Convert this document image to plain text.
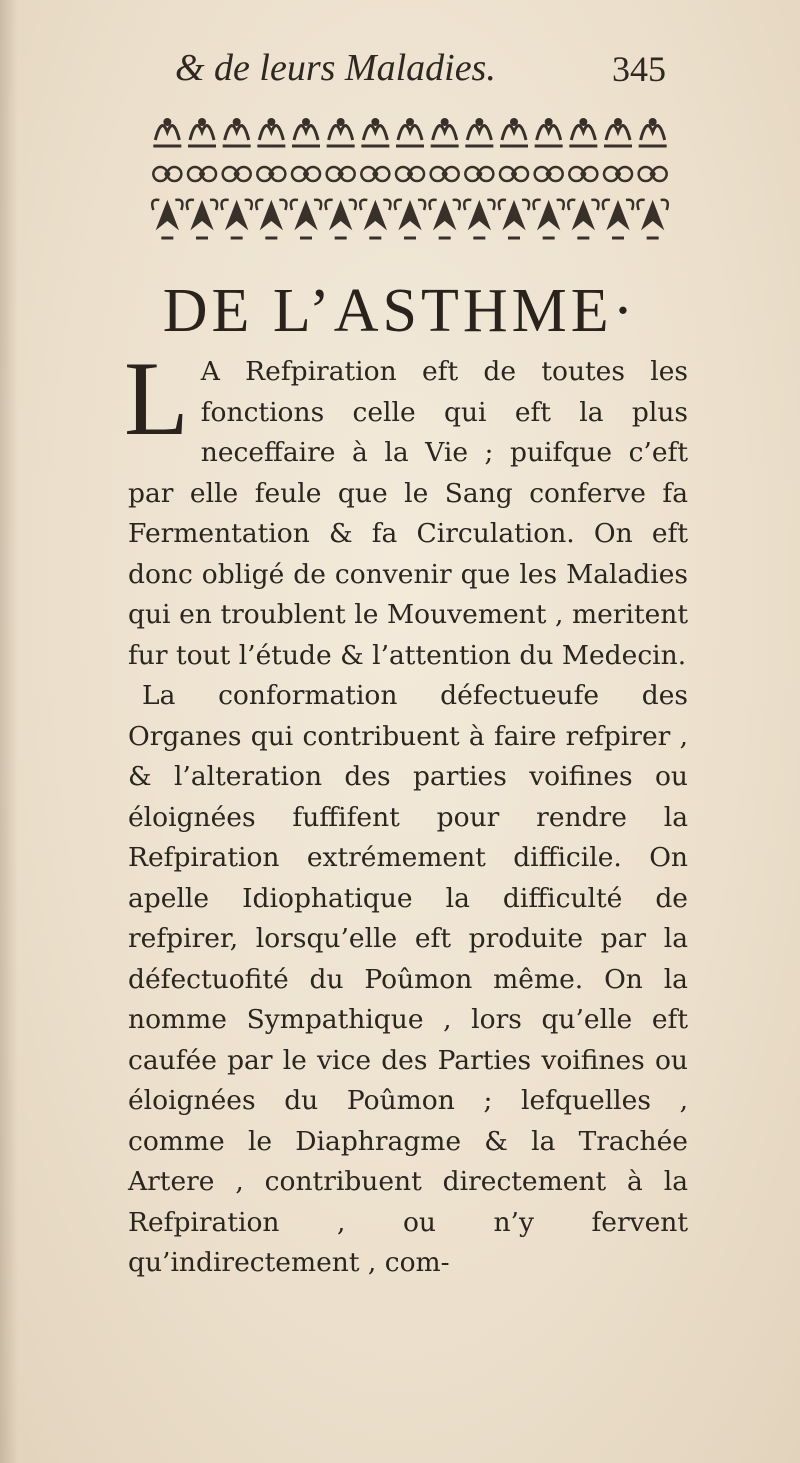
& de leurs Maladies.	345
DE L’ASTHME·

L A Refpiration eft de toutes les fonctions celle qui eft la plus neceffaire à la Vie ; puifque c’eft par elle feule que le Sang conferve fa Fermentation & fa Circulation. On eft donc obligé de convenir que les Maladies qui en troublent le Mouvement , meritent fur tout l’étude & l’attention du Medecin.

La conformation défectueufe des Organes qui contribuent à faire refpirer , & l’alteration des parties voifines ou éloignées fuffifent pour rendre la Refpiration extrémement difficile. On apelle Idiophatique la difficulté de refpirer, lorsqu’elle eft produite par la défectuofité du Poûmon même. On la nomme Sympathique , lors qu’elle eft caufée par le vice des Parties voifines ou éloignées du Poûmon ; lefquelles , comme le Diaphragme & la Trachée Artere , contribuent directement à la Refpiration , ou n’y fervent qu’indirectement , com-
